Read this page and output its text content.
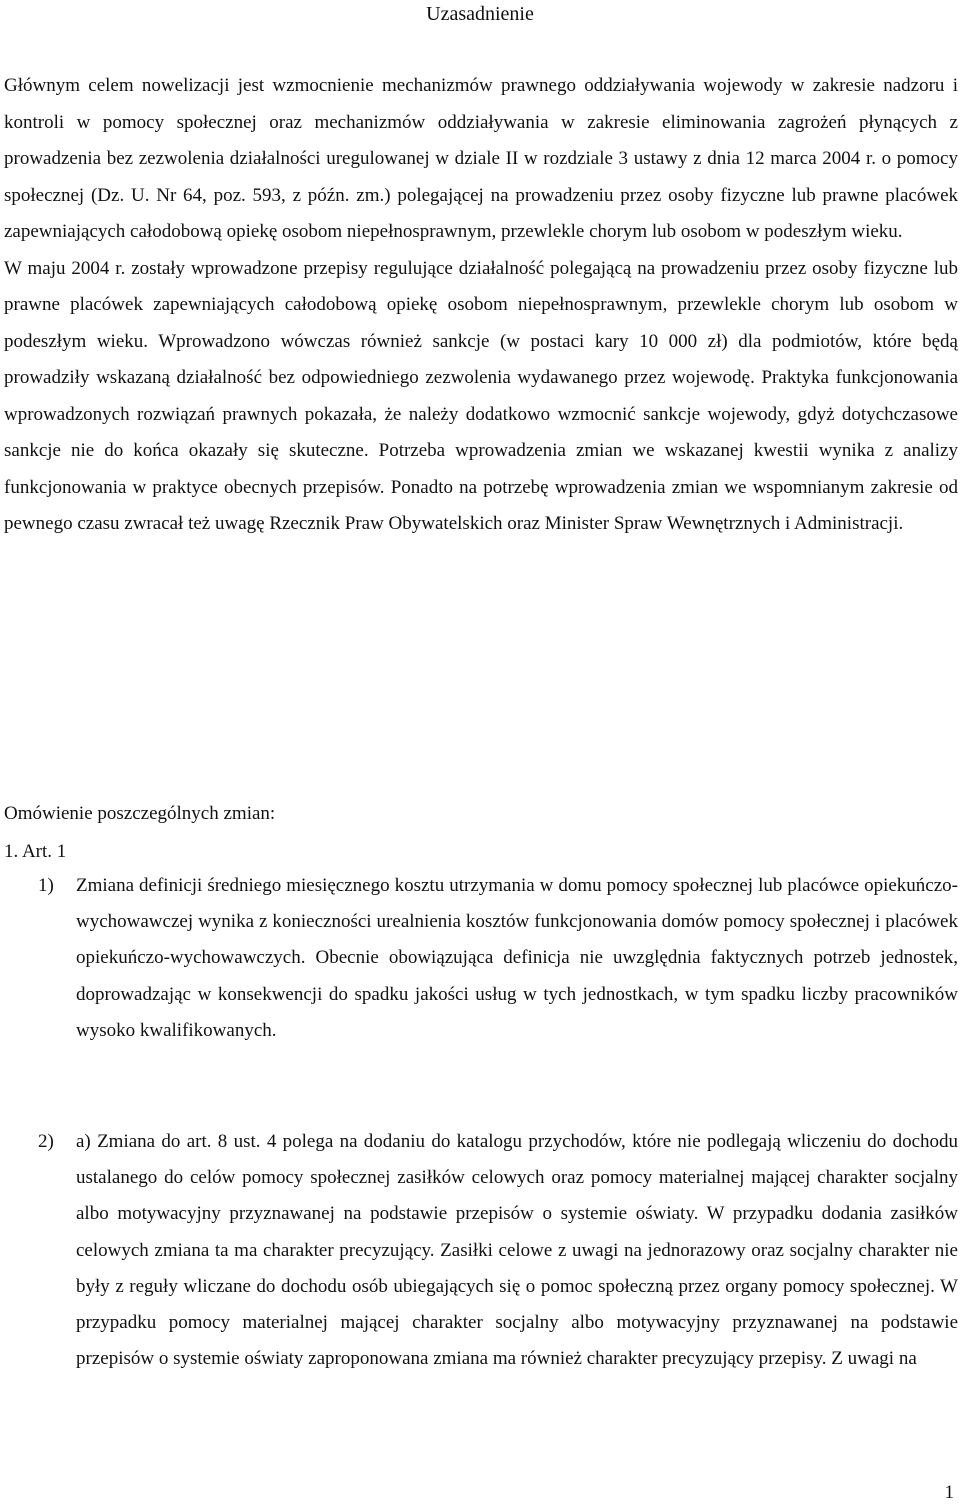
Uzasadnienie
Głównym celem nowelizacji jest wzmocnienie mechanizmów prawnego oddziaływania wojewody w zakresie nadzoru i kontroli w pomocy społecznej oraz mechanizmów oddziaływania w zakresie eliminowania zagrożeń płynących z prowadzenia bez zezwolenia działalności uregulowanej w dziale II w rozdziale 3 ustawy z dnia 12 marca 2004 r. o pomocy społecznej (Dz. U. Nr 64, poz. 593, z późn. zm.) polegającej na prowadzeniu przez osoby fizyczne lub prawne placówek zapewniających całodobową opiekę osobom niepełnosprawnym, przewlekle chorym lub osobom w podeszłym wieku.
W maju 2004 r. zostały wprowadzone przepisy regulujące działalność polegającą na prowadzeniu przez osoby fizyczne lub prawne placówek zapewniających całodobową opiekę osobom niepełnosprawnym, przewlekle chorym lub osobom w podeszłym wieku. Wprowadzono wówczas również sankcje (w postaci kary 10 000 zł) dla podmiotów, które będą prowadziły wskazaną działalność bez odpowiedniego zezwolenia wydawanego przez wojewodę. Praktyka funkcjonowania wprowadzonych rozwiązań prawnych pokazała, że należy dodatkowo wzmocnić sankcje wojewody, gdyż dotychczasowe sankcje nie do końca okazały się skuteczne. Potrzeba wprowadzenia zmian we wskazanej kwestii wynika z analizy funkcjonowania w praktyce obecnych przepisów. Ponadto na potrzebę wprowadzenia zmian we wspomnianym zakresie od pewnego czasu zwracał też uwagę Rzecznik Praw Obywatelskich oraz Minister Spraw Wewnętrznych i Administracji.
Omówienie poszczególnych zmian:
1. Art. 1
1) Zmiana definicji średniego miesięcznego kosztu utrzymania w domu pomocy społecznej lub placówce opiekuńczo-wychowawczej wynika z konieczności urealnienia kosztów funkcjonowania domów pomocy społecznej i placówek opiekuńczo-wychowawczych. Obecnie obowiązująca definicja nie uwzględnia faktycznych potrzeb jednostek, doprowadzając w konsekwencji do spadku jakości usług w tych jednostkach, w tym spadku liczby pracowników wysoko kwalifikowanych.
2) a) Zmiana do art. 8 ust. 4 polega na dodaniu do katalogu przychodów, które nie podlegają wliczeniu do dochodu ustalanego do celów pomocy społecznej zasiłków celowych oraz pomocy materialnej mającej charakter socjalny albo motywacyjny przyznawanej na podstawie przepisów o systemie oświaty. W przypadku dodania zasiłków celowych zmiana ta ma charakter precyzujący. Zasiłki celowe z uwagi na jednorazowy oraz socjalny charakter nie były z reguły wliczane do dochodu osób ubiegających się o pomoc społeczną przez organy pomocy społecznej. W przypadku pomocy materialnej mającej charakter socjalny albo motywacyjny przyznawanej na podstawie przepisów o systemie oświaty zaproponowana zmiana ma również charakter precyzujący przepisy. Z uwagi na
1
